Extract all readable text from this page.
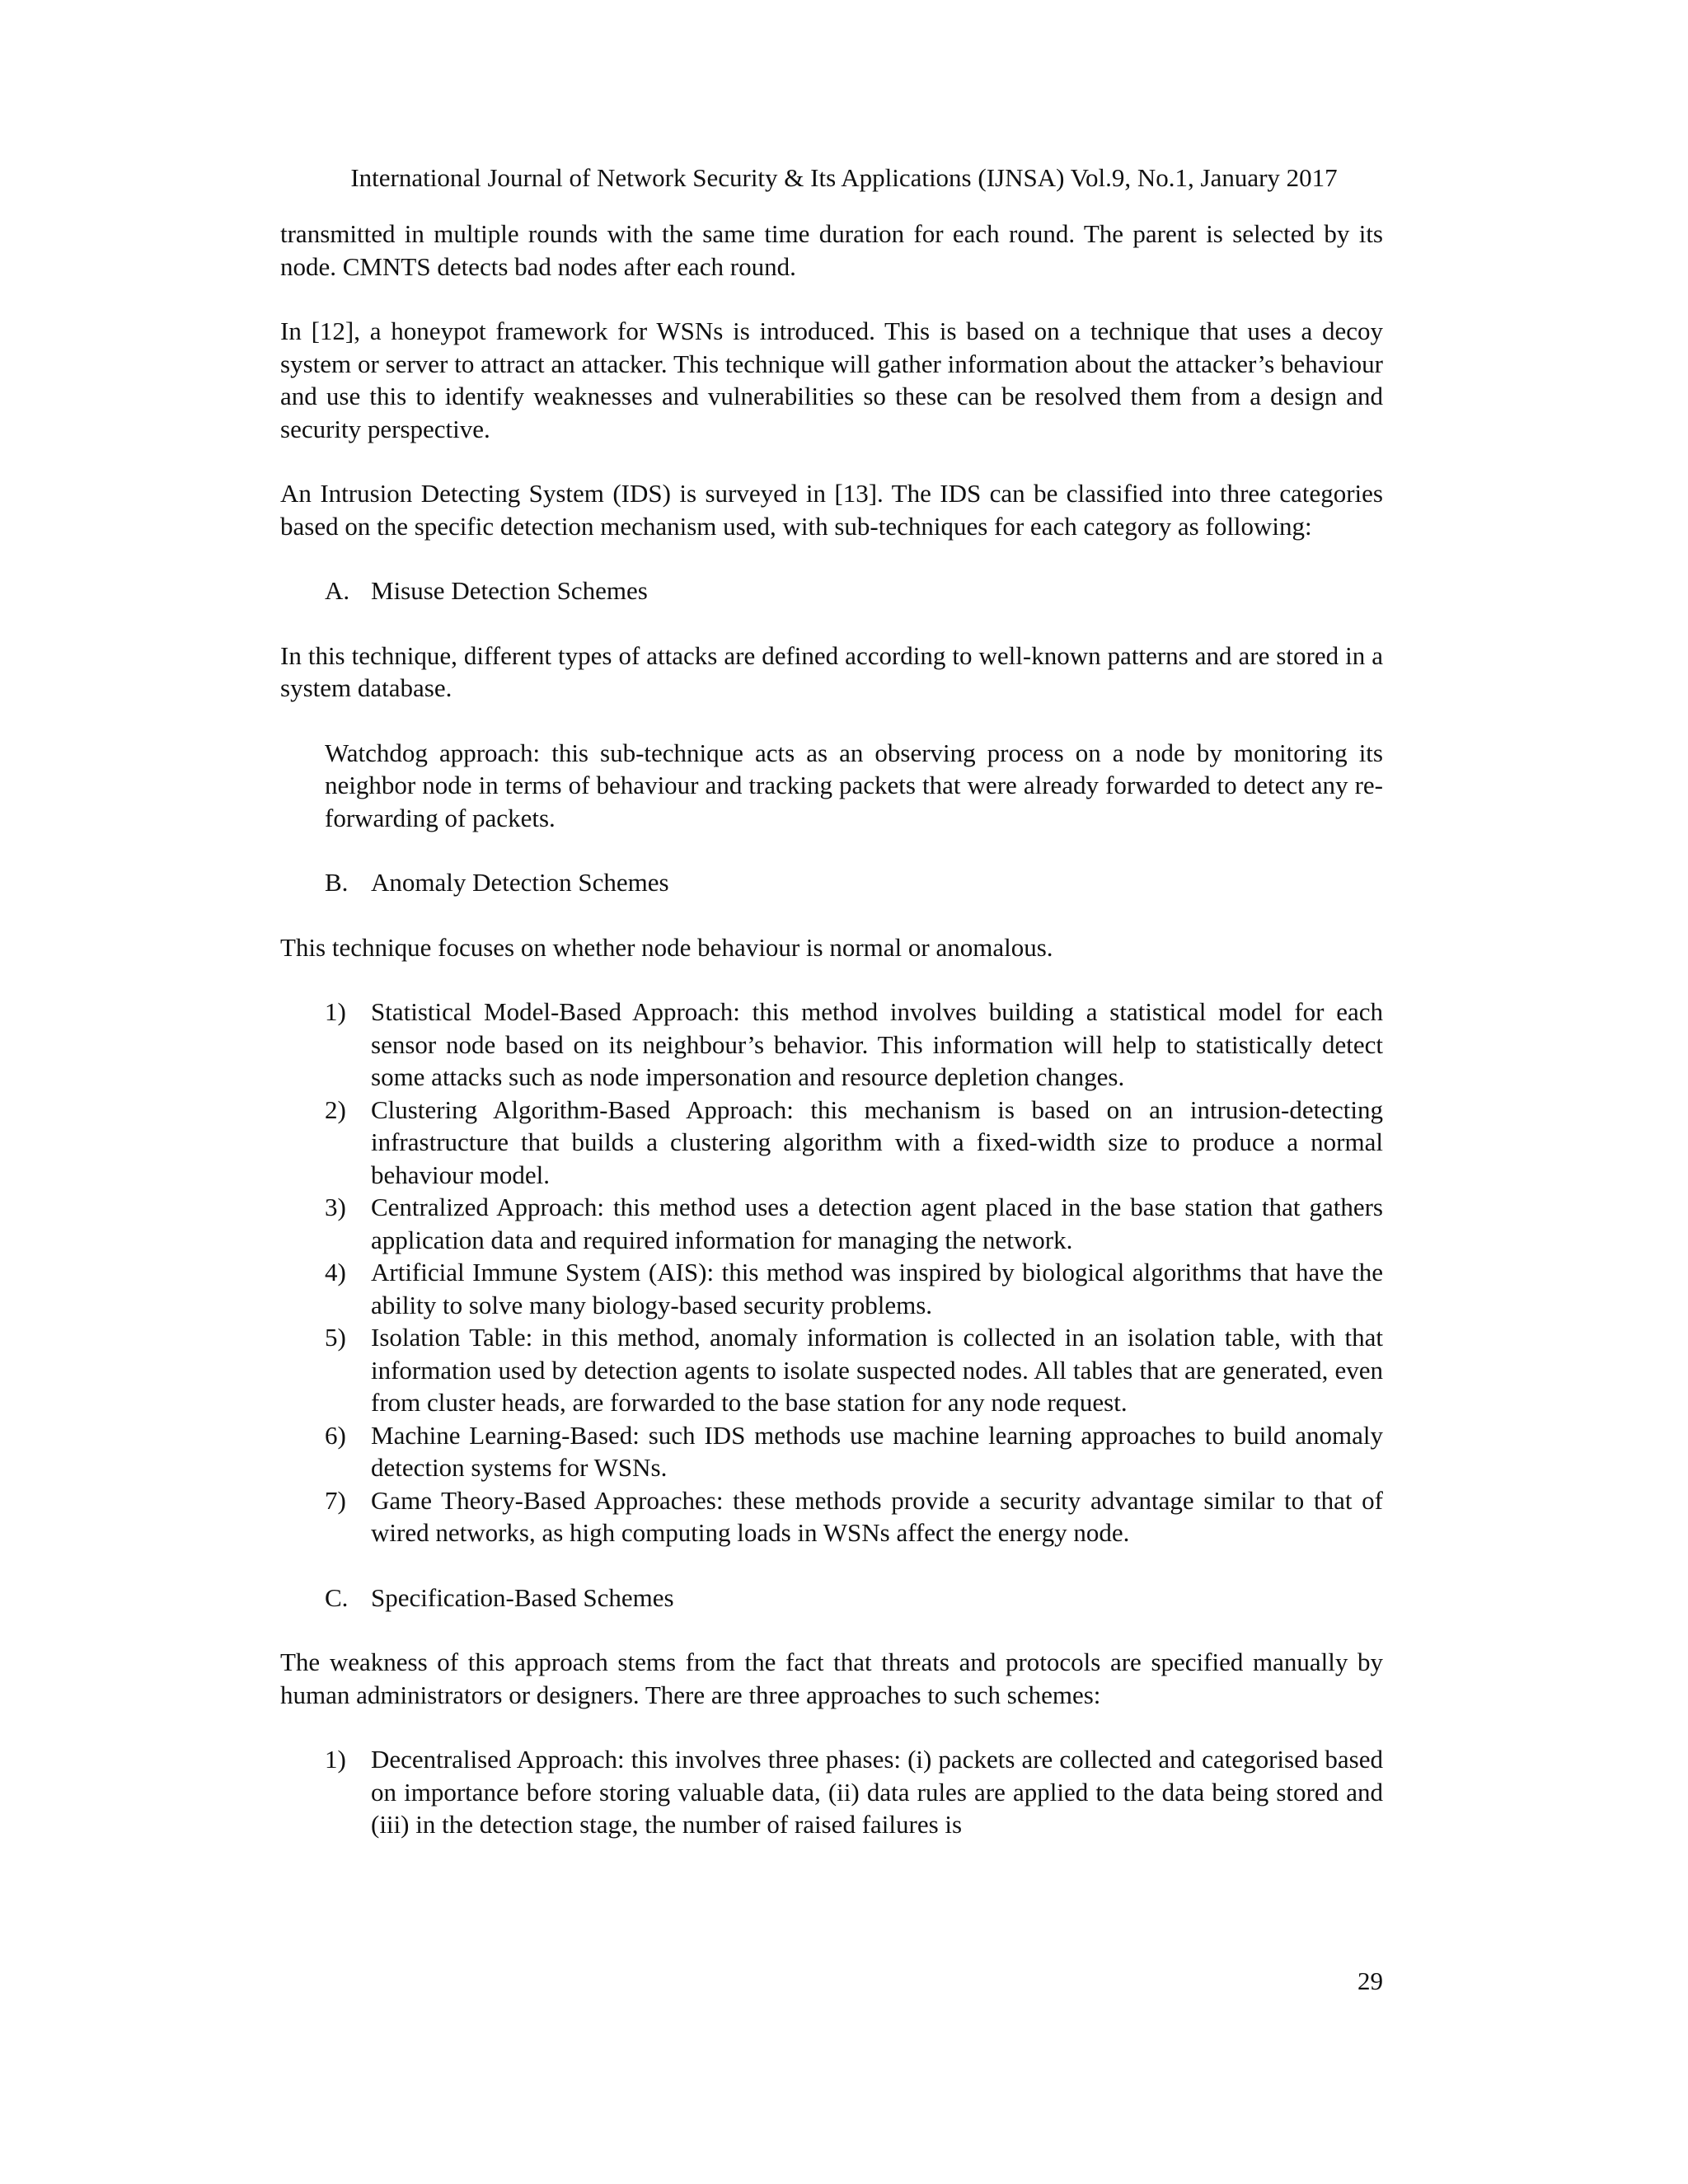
International Journal of Network Security & Its Applications (IJNSA) Vol.9, No.1, January 2017

transmitted in multiple rounds with the same time duration for each round. The parent is selected by its node. CMNTS detects bad nodes after each round.

In [12], a honeypot framework for WSNs is introduced. This is based on a technique that uses a decoy system or server to attract an attacker. This technique will gather information about the attacker’s behaviour and use this to identify weaknesses and vulnerabilities so these can be resolved them from a design and security perspective.

An Intrusion Detecting System (IDS) is surveyed in [13]. The IDS can be classified into three categories based on the specific detection mechanism used, with sub-techniques for each category as following:

A. Misuse Detection Schemes

In this technique, different types of attacks are defined according to well-known patterns and are stored in a system database.

Watchdog approach: this sub-technique acts as an observing process on a node by monitoring its neighbor node in terms of behaviour and tracking packets that were already forwarded to detect any re-forwarding of packets.

B. Anomaly Detection Schemes

This technique focuses on whether node behaviour is normal or anomalous.

1) Statistical Model-Based Approach: this method involves building a statistical model for each sensor node based on its neighbour’s behavior. This information will help to statistically detect some attacks such as node impersonation and resource depletion changes.
2) Clustering Algorithm-Based Approach: this mechanism is based on an intrusion-detecting infrastructure that builds a clustering algorithm with a fixed-width size to produce a normal behaviour model.
3) Centralized Approach: this method uses a detection agent placed in the base station that gathers application data and required information for managing the network.
4) Artificial Immune System (AIS): this method was inspired by biological algorithms that have the ability to solve many biology-based security problems.
5) Isolation Table: in this method, anomaly information is collected in an isolation table, with that information used by detection agents to isolate suspected nodes. All tables that are generated, even from cluster heads, are forwarded to the base station for any node request.
6) Machine Learning-Based: such IDS methods use machine learning approaches to build anomaly detection systems for WSNs.
7) Game Theory-Based Approaches: these methods provide a security advantage similar to that of wired networks, as high computing loads in WSNs affect the energy node.
C. Specification-Based Schemes

The weakness of this approach stems from the fact that threats and protocols are specified manually by human administrators or designers. There are three approaches to such schemes:

1) Decentralised Approach: this involves three phases: (i) packets are collected and categorised based on importance before storing valuable data, (ii) data rules are applied to the data being stored and (iii) in the detection stage, the number of raised failures is
29
